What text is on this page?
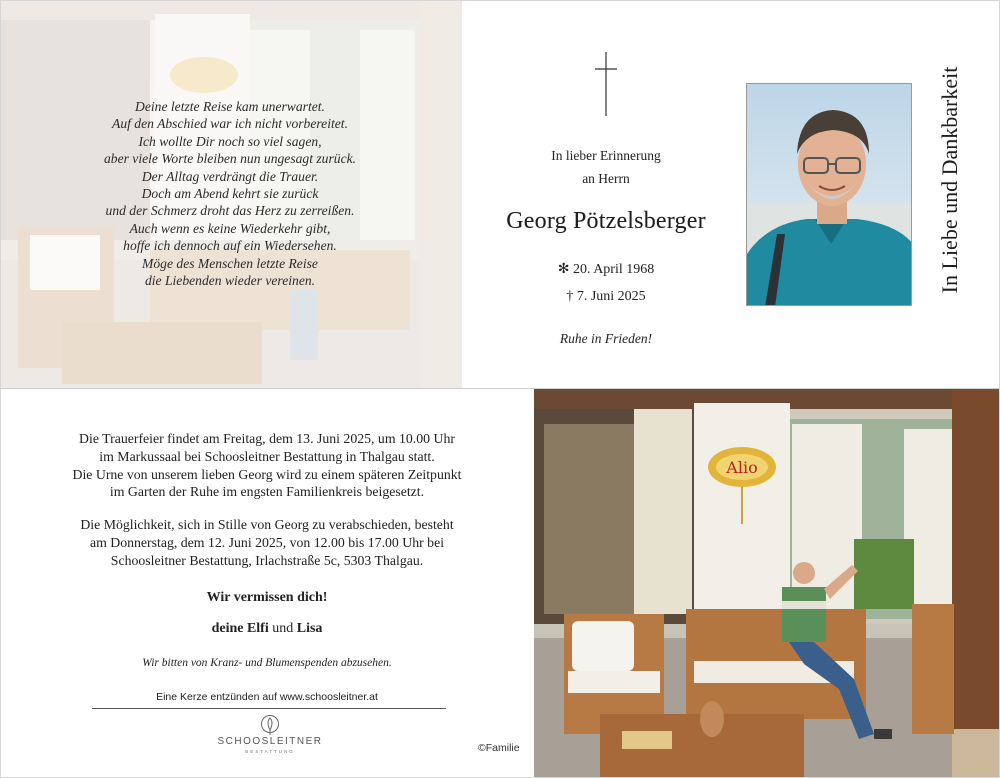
Deine letzte Reise kam unerwartet.
Auf den Abschied war ich nicht vorbereitet.
Ich wollte Dir noch so viel sagen,
aber viele Worte bleiben nun ungesagt zurück.
Der Alltag verdrängt die Trauer.
Doch am Abend kehrt sie zurück
und der Schmerz droht das Herz zu zerreißen.
Auch wenn es keine Wiederkehr gibt,
hoffe ich dennoch auf ein Wiedersehen.
Möge des Menschen letzte Reise
die Liebenden wieder vereinen.
In lieber Erinnerung
an Herrn
Georg Pötzelsberger
✻ 20. April 1968
† 7. Juni 2025
Ruhe in Frieden!
In Liebe und Dankbarkeit
Die Trauerfeier findet am Freitag, dem 13. Juni 2025, um 10.00 Uhr
im Markussaal bei Schoosleitner Bestattung in Thalgau statt.
Die Urne von unserem lieben Georg wird zu einem späteren Zeitpunkt
im Garten der Ruhe im engsten Familienkreis beigesetzt.
Die Möglichkeit, sich in Stille von Georg zu verabschieden, besteht
am Donnerstag, dem 12. Juni 2025, von 12.00 bis 17.00 Uhr bei
Schoosleitner Bestattung, Irlachstraße 5c, 5303 Thalgau.
Wir vermissen dich!
deine Elfi und Lisa
Wir bitten von Kranz- und Blumenspenden abzusehen.
Eine Kerze entzünden auf www.schoosleitner.at
SCHOOSLEITNER
BESTATTUNG	©Familie
Alio
